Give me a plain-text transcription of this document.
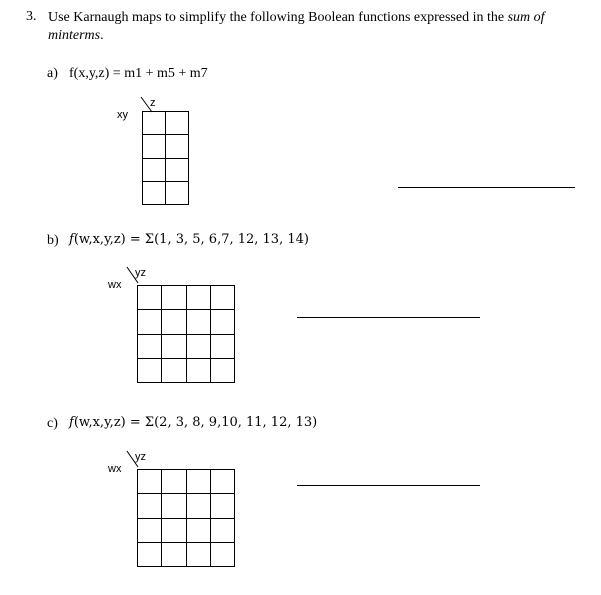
3. Use Karnaugh maps to simplify the following Boolean functions expressed in the sum of minterms.
a) f(x,y,z) = m1 + m5 + m7
z
xy

b) f(w,x,y,z) = Σ(1, 3, 5, 6,7, 12, 13, 14)
yz
wx

c) f(w,x,y,z) = Σ(2, 3, 8, 9,10, 11, 12, 13)
yz
wx
